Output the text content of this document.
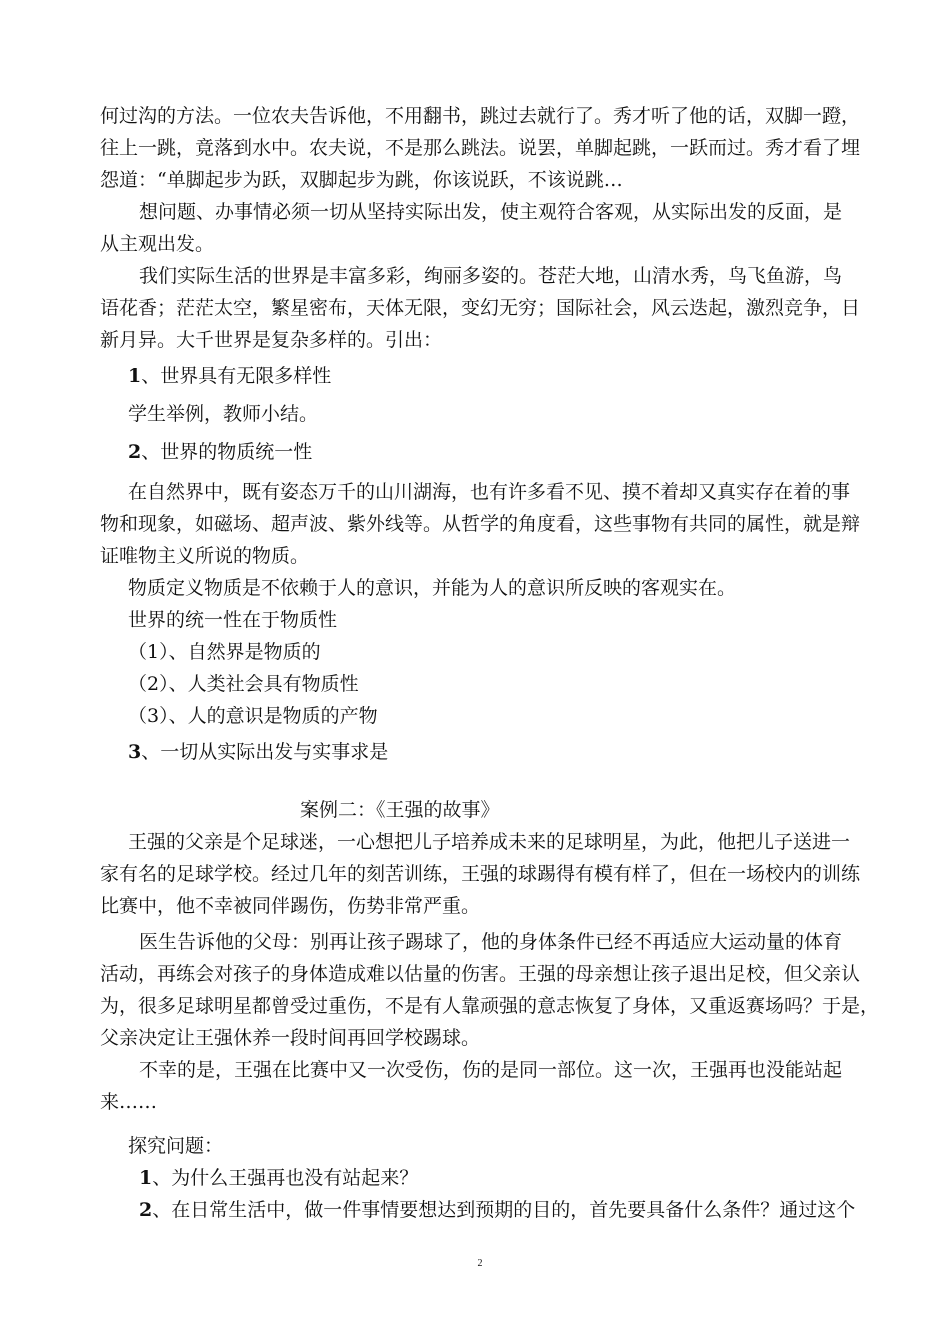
何过沟的方法。一位农夫告诉他，不用翻书，跳过去就行了。秀才听了他的话，双脚一蹬，
往上一跳，竟落到水中。农夫说，不是那么跳法。说罢，单脚起跳，一跃而过。秀才看了埋
怨道：“单脚起步为跃，双脚起步为跳，你该说跃，不该说跳…
想问题、办事情必须一切从坚持实际出发，使主观符合客观，从实际出发的反面，是
从主观出发。
我们实际生活的世界是丰富多彩，绚丽多姿的。苍茫大地，山清水秀，鸟飞鱼游，鸟
语花香；茫茫太空，繁星密布，天体无限，变幻无穷；国际社会，风云迭起，激烈竞争，日
新月异。大千世界是复杂多样的。引出：
1、世界具有无限多样性
学生举例，教师小结。
2、世界的物质统一性
在自然界中，既有姿态万千的山川湖海，也有许多看不见、摸不着却又真实存在着的事
物和现象，如磁场、超声波、紫外线等。从哲学的角度看，这些事物有共同的属性，就是辩
证唯物主义所说的物质。
物质定义物质是不依赖于人的意识，并能为人的意识所反映的客观实在。
世界的统一性在于物质性
（1）、自然界是物质的
（2）、人类社会具有物质性
（3）、人的意识是物质的产物
3、一切从实际出发与实事求是
案例二：《王强的故事》
王强的父亲是个足球迷，一心想把儿子培养成未来的足球明星，为此，他把儿子送进一
家有名的足球学校。经过几年的刻苦训练，王强的球踢得有模有样了，但在一场校内的训练
比赛中，他不幸被同伴踢伤，伤势非常严重。
医生告诉他的父母：别再让孩子踢球了，他的身体条件已经不再适应大运动量的体育
活动，再练会对孩子的身体造成难以估量的伤害。王强的母亲想让孩子退出足校，但父亲认
为，很多足球明星都曾受过重伤，不是有人靠顽强的意志恢复了身体，又重返赛场吗？于是，
父亲决定让王强休养一段时间再回学校踢球。
不幸的是，王强在比赛中又一次受伤，伤的是同一部位。这一次，王强再也没能站起
来……
探究问题：
1、为什么王强再也没有站起来？
2、在日常生活中，做一件事情要想达到预期的目的，首先要具备什么条件？通过这个
2
